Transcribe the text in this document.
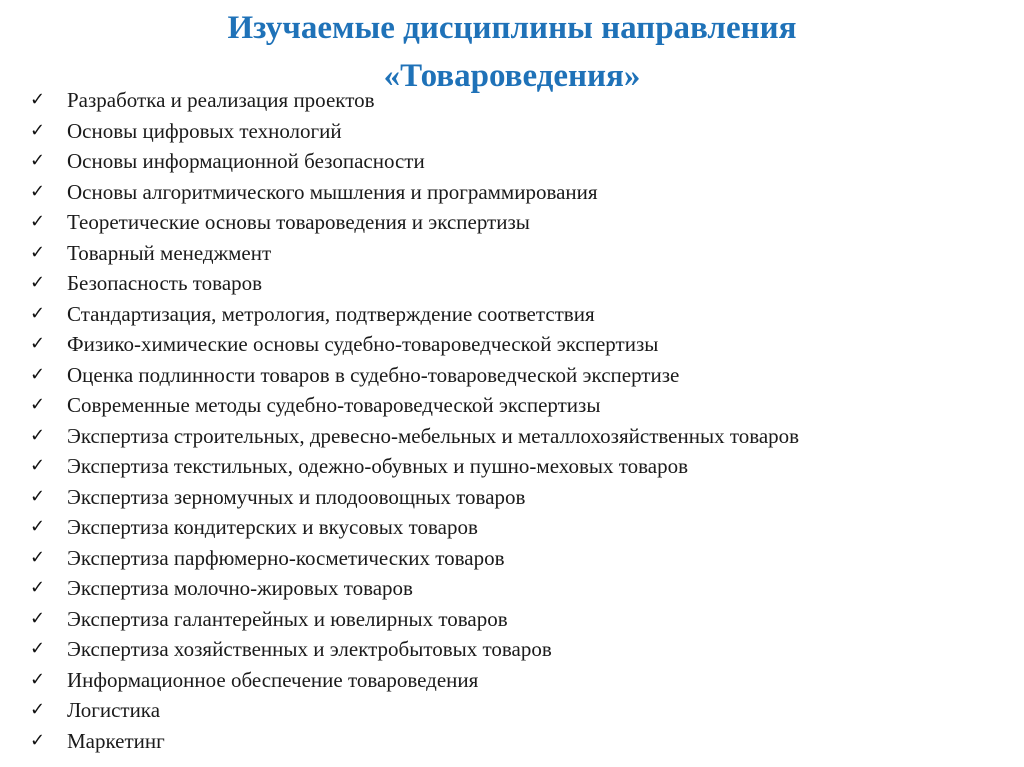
Изучаемые дисциплины направления
«Товароведения»
✓	Разработка и реализация проектов
✓	Основы цифровых технологий
✓	Основы информационной безопасности
✓	Основы алгоритмического мышления и программирования
✓	Теоретические основы товароведения и экспертизы
✓	Товарный менеджмент
✓	Безопасность товаров
✓	Стандартизация, метрология, подтверждение соответствия
✓	Физико-химические основы судебно-товароведческой экспертизы
✓	Оценка подлинности товаров в судебно-товароведческой экспертизе
✓	Современные методы судебно-товароведческой экспертизы
✓	Экспертиза строительных, древесно-мебельных и металлохозяйственных товаров
✓	Экспертиза текстильных, одежно-обувных и пушно-меховых товаров
✓	Экспертиза зерномучных и плодоовощных товаров
✓	Экспертиза кондитерских и вкусовых товаров
✓	Экспертиза парфюмерно-косметических товаров
✓	Экспертиза молочно-жировых товаров
✓	Экспертиза галантерейных и ювелирных товаров
✓	Экспертиза хозяйственных и электробытовых товаров
✓	Информационное обеспечение товароведения
✓	Логистика
✓	Маркетинг
